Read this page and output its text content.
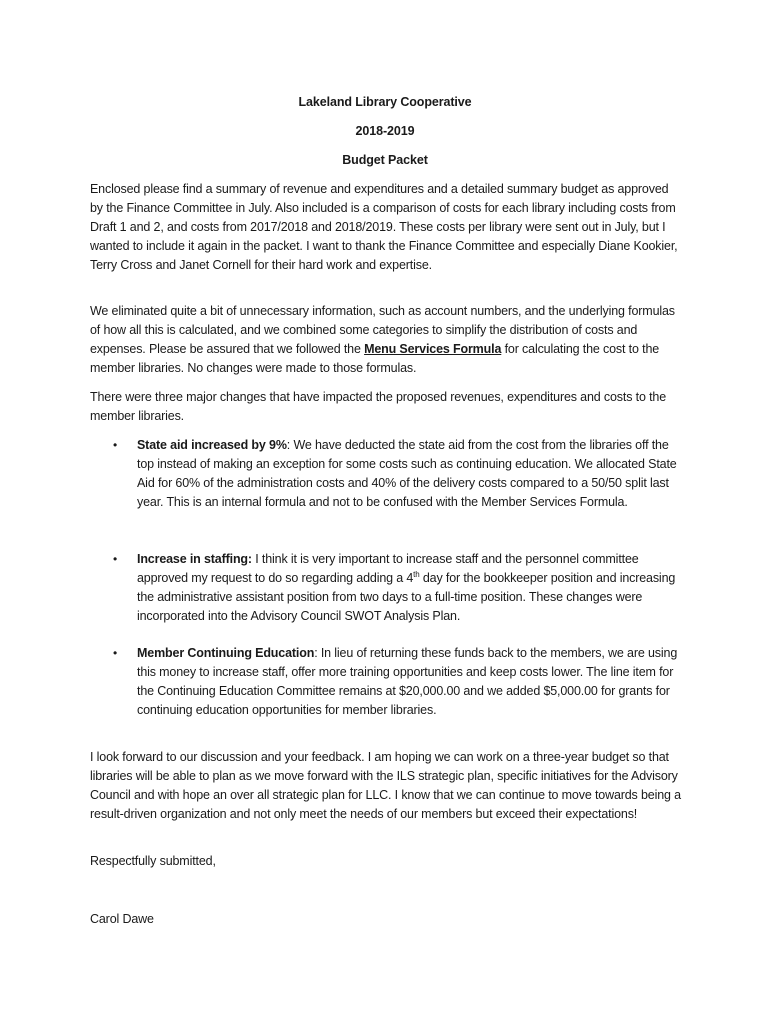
Lakeland Library Cooperative
2018-2019
Budget Packet

Enclosed please find a summary of revenue and expenditures and a detailed summary budget as approved by the Finance Committee in July. Also included is a comparison of costs for each library including costs from Draft 1 and 2, and costs from 2017/2018 and 2018/2019. These costs per library were sent out in July, but I wanted to include it again in the packet. I want to thank the Finance Committee and especially Diane Kookier, Terry Cross and Janet Cornell for their hard work and expertise.

We eliminated quite a bit of unnecessary information, such as account numbers, and the underlying formulas of how all this is calculated, and we combined some categories to simplify the distribution of costs and expenses. Please be assured that we followed the Menu Services Formula for calculating the cost to the member libraries. No changes were made to those formulas.

There were three major changes that have impacted the proposed revenues, expenditures and costs to the member libraries.

•	State aid increased by 9%: We have deducted the state aid from the cost from the libraries off the top instead of making an exception for some costs such as continuing education. We allocated State Aid for 60% of the administration costs and 40% of the delivery costs compared to a 50/50 split last year. This is an internal formula and not to be confused with the Member Services Formula.
•	Increase in staffing: I think it is very important to increase staff and the personnel committee approved my request to do so regarding adding a 4th day for the bookkeeper position and increasing the administrative assistant position from two days to a full-time position. These changes were incorporated into the Advisory Council SWOT Analysis Plan.
•	Member Continuing Education: In lieu of returning these funds back to the members, we are using this money to increase staff, offer more training opportunities and keep costs lower. The line item for the Continuing Education Committee remains at $20,000.00 and we added $5,000.00 for grants for continuing education opportunities for member libraries.

I look forward to our discussion and your feedback. I am hoping we can work on a three-year budget so that libraries will be able to plan as we move forward with the ILS strategic plan, specific initiatives for the Advisory Council and with hope an over all strategic plan for LLC. I know that we can continue to move towards being a result-driven organization and not only meet the needs of our members but exceed their expectations!

Respectfully submitted,

Carol Dawe
